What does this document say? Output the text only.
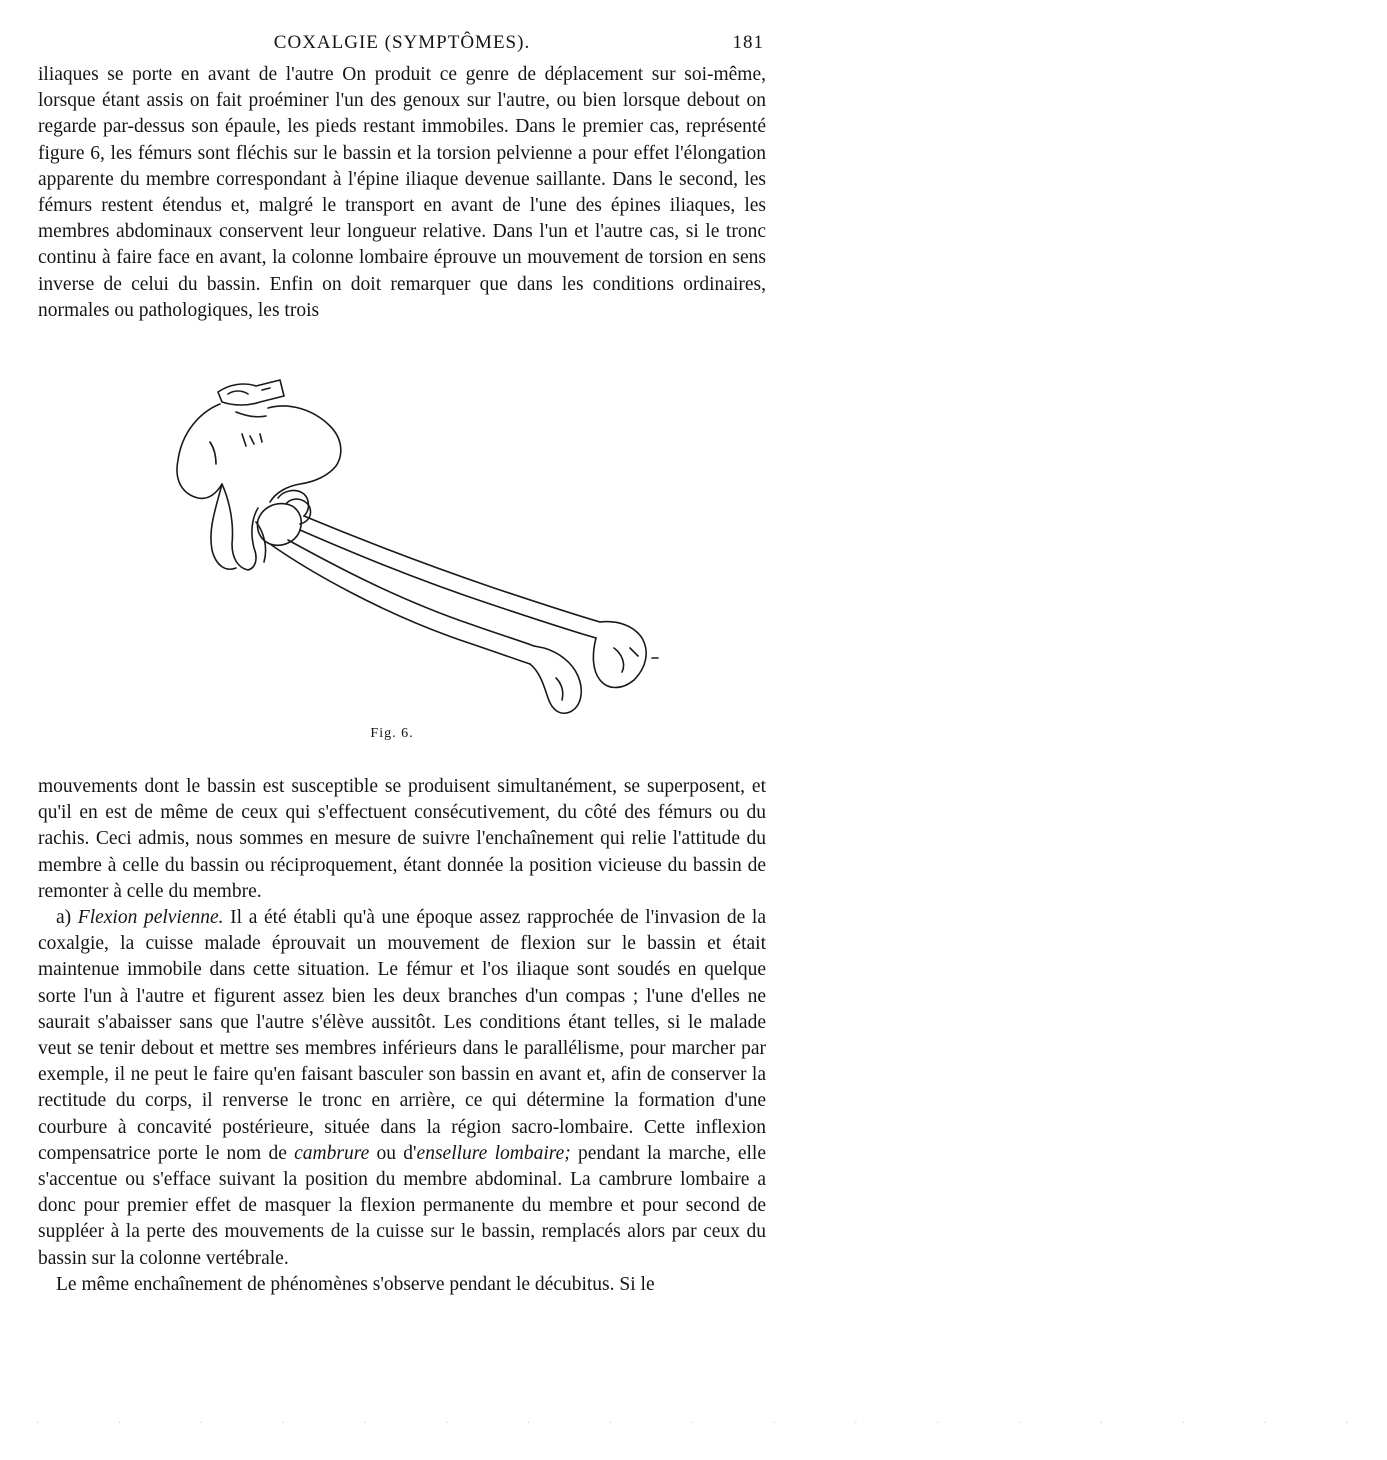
COXALGIE (SYMPTÔMES).	181

iliaques se porte en avant de l'autre On produit ce genre de déplacement sur soi-même, lorsque étant assis on fait proéminer l'un des genoux sur l'autre, ou bien lorsque debout on regarde par-dessus son épaule, les pieds restant immobiles. Dans le premier cas, représenté figure 6, les fémurs sont fléchis sur le bassin et la torsion pelvienne a pour effet l'élongation apparente du membre correspondant à l'épine iliaque devenue saillante. Dans le second, les fémurs restent étendus et, malgré le transport en avant de l'une des épines iliaques, les membres abdominaux conservent leur longueur relative. Dans l'un et l'autre cas, si le tronc continu à faire face en avant, la colonne lombaire éprouve un mouvement de torsion en sens inverse de celui du bassin. Enfin on doit remarquer que dans les conditions ordinaires, normales ou pathologiques, les trois

Fig. 6.

mouvements dont le bassin est susceptible se produisent simultanément, se superposent, et qu'il en est de même de ceux qui s'effectuent consécutivement, du côté des fémurs ou du rachis. Ceci admis, nous sommes en mesure de suivre l'enchaînement qui relie l'attitude du membre à celle du bassin ou réciproquement, étant donnée la position vicieuse du bassin de remonter à celle du membre.

a) Flexion pelvienne. Il a été établi qu'à une époque assez rapprochée de l'invasion de la coxalgie, la cuisse malade éprouvait un mouvement de flexion sur le bassin et était maintenue immobile dans cette situation. Le fémur et l'os iliaque sont soudés en quelque sorte l'un à l'autre et figurent assez bien les deux branches d'un compas ; l'une d'elles ne saurait s'abaisser sans que l'autre s'élève aussitôt. Les conditions étant telles, si le malade veut se tenir debout et mettre ses membres inférieurs dans le parallélisme, pour marcher par exemple, il ne peut le faire qu'en faisant basculer son bassin en avant et, afin de conserver la rectitude du corps, il renverse le tronc en arrière, ce qui détermine la formation d'une courbure à concavité postérieure, située dans la région sacro-lombaire. Cette inflexion compensatrice porte le nom de cambrure ou d'ensellure lombaire; pendant la marche, elle s'accentue ou s'efface suivant la position du membre abdominal. La cambrure lombaire a donc pour premier effet de masquer la flexion permanente du membre et pour second de suppléer à la perte des mouvements de la cuisse sur le bassin, remplacés alors par ceux du bassin sur la colonne vertébrale.

Le même enchaînement de phénomènes s'observe pendant le décubitus. Si le

· · · · · · · · · · · · · · · · ·
